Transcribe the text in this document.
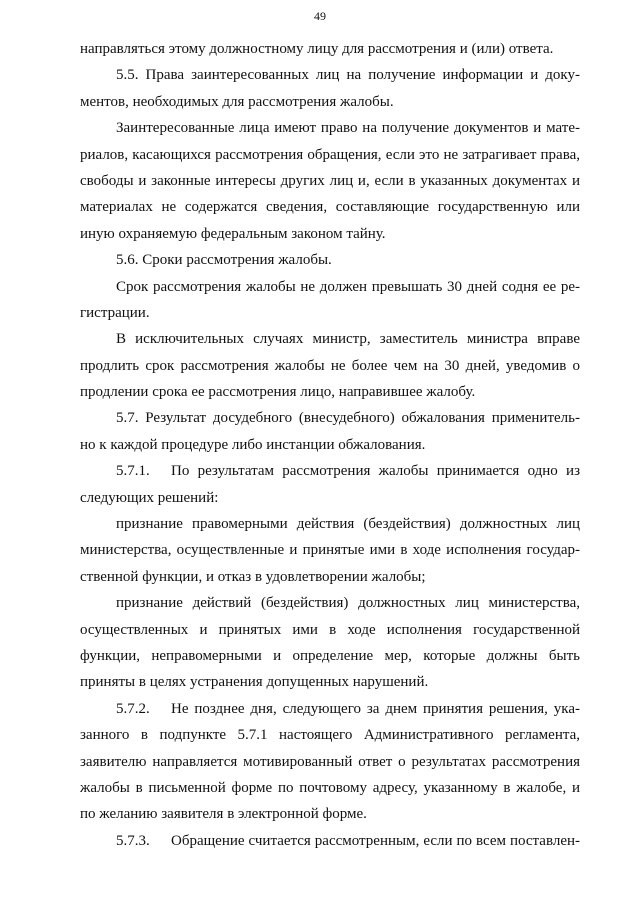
49
направляться этому должностному лицу для рассмотрения и (или) ответа.
5.5. Права заинтересованных лиц на получение информации и доку-
ментов, необходимых для рассмотрения жалобы.
Заинтересованные лица имеют право на получение документов и мате-
риалов, касающихся рассмотрения обращения, если это не затрагивает права,
свободы и законные интересы других лиц и, если в указанных документах и
материалах не содержатся сведения, составляющие государственную или
иную охраняемую федеральным законом тайну.
5.6. Сроки рассмотрения жалобы.
Срок рассмотрения жалобы не должен превышать 30 дней содня ее ре-
гистрации.
В исключительных случаях министр, заместитель министра вправе
продлить срок рассмотрения жалобы не более чем на 30 дней, уведомив о
продлении срока ее рассмотрения лицо, направившее жалобу.
5.7. Результат досудебного (внесудебного) обжалования применитель-
но к каждой процедуре либо инстанции обжалования.
5.7.1. По результатам рассмотрения жалобы принимается одно из
следующих решений:
признание правомерными действия (бездействия) должностных лиц
министерства, осуществленные и принятые ими в ходе исполнения государ-
ственной функции, и отказ в удовлетворении жалобы;
признание действий (бездействия) должностных лиц министерства,
осуществленных и принятых ими в ходе исполнения государственной
функции, неправомерными и определение мер, которые должны быть
приняты в целях устранения допущенных нарушений.
5.7.2. Не позднее дня, следующего за днем принятия решения, ука-
занного в подпункте 5.7.1 настоящего Административного регламента,
заявителю направляется мотивированный ответ о результатах рассмотрения
жалобы в письменной форме по почтовому адресу, указанному в жалобе, и
по желанию заявителя в электронной форме.
5.7.3. Обращение считается рассмотренным, если по всем поставлен-
